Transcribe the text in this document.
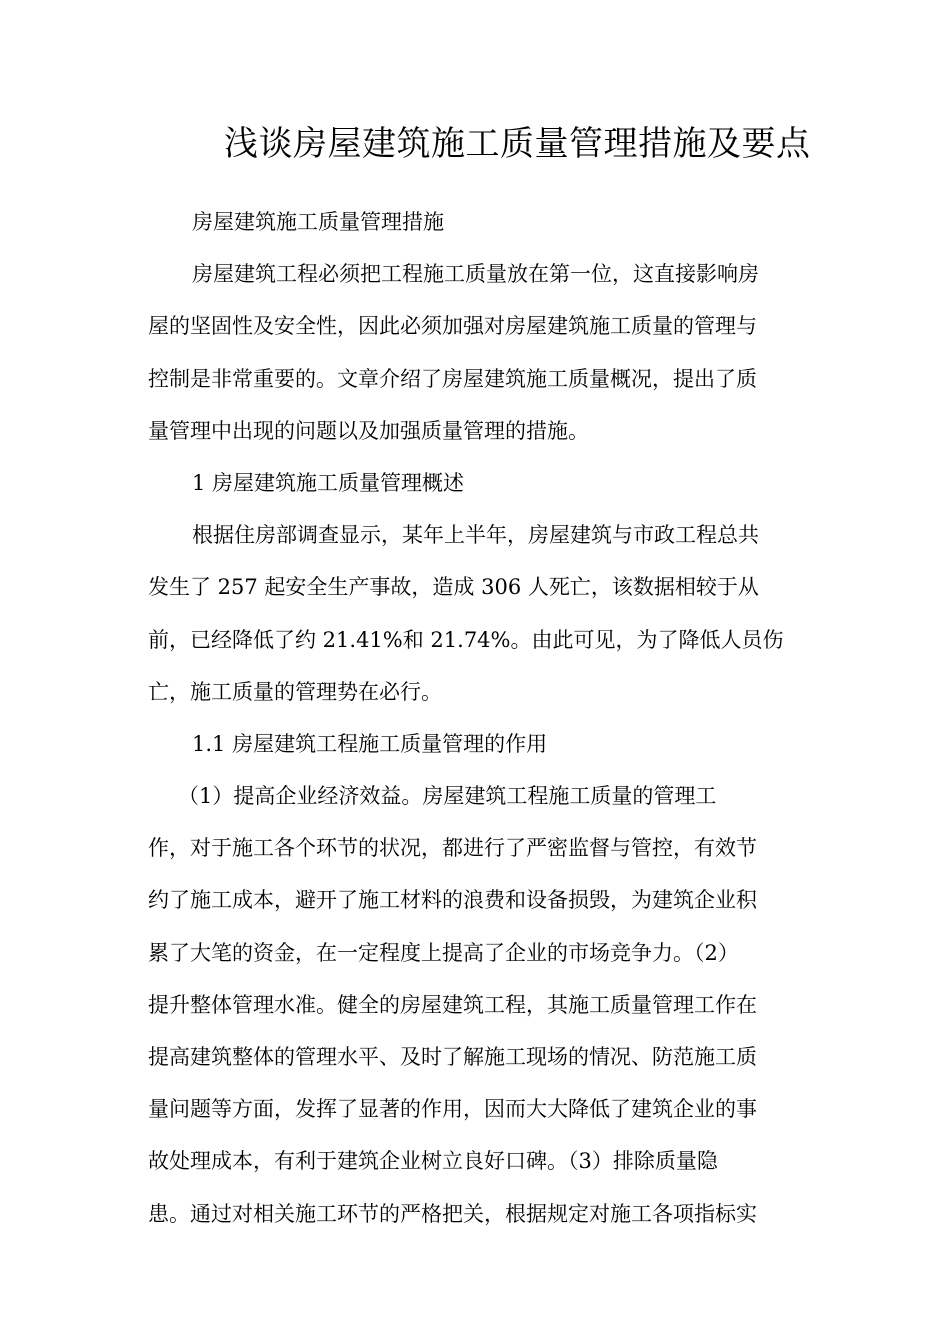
浅谈房屋建筑施工质量管理措施及要点
房屋建筑施工质量管理措施
房屋建筑工程必须把工程施工质量放在第一位，这直接影响房
屋的坚固性及安全性，因此必须加强对房屋建筑施工质量的管理与
控制是非常重要的。文章介绍了房屋建筑施工质量概况，提出了质
量管理中出现的问题以及加强质量管理的措施。
1 房屋建筑施工质量管理概述
根据住房部调查显示，某年上半年，房屋建筑与市政工程总共
发生了 257 起安全生产事故，造成 306 人死亡，该数据相较于从
前，已经降低了约 21.41%和 21.74%。由此可见，为了降低人员伤
亡，施工质量的管理势在必行。
1.1 房屋建筑工程施工质量管理的作用
（1）提高企业经济效益。房屋建筑工程施工质量的管理工
作，对于施工各个环节的状况，都进行了严密监督与管控，有效节
约了施工成本，避开了施工材料的浪费和设备损毁，为建筑企业积
累了大笔的资金，在一定程度上提高了企业的市场竞争力。（2）
提升整体管理水准。健全的房屋建筑工程，其施工质量管理工作在
提高建筑整体的管理水平、及时了解施工现场的情况、防范施工质
量问题等方面，发挥了显著的作用，因而大大降低了建筑企业的事
故处理成本，有利于建筑企业树立良好口碑。（3）排除质量隐
患。通过对相关施工环节的严格把关，根据规定对施工各项指标实
